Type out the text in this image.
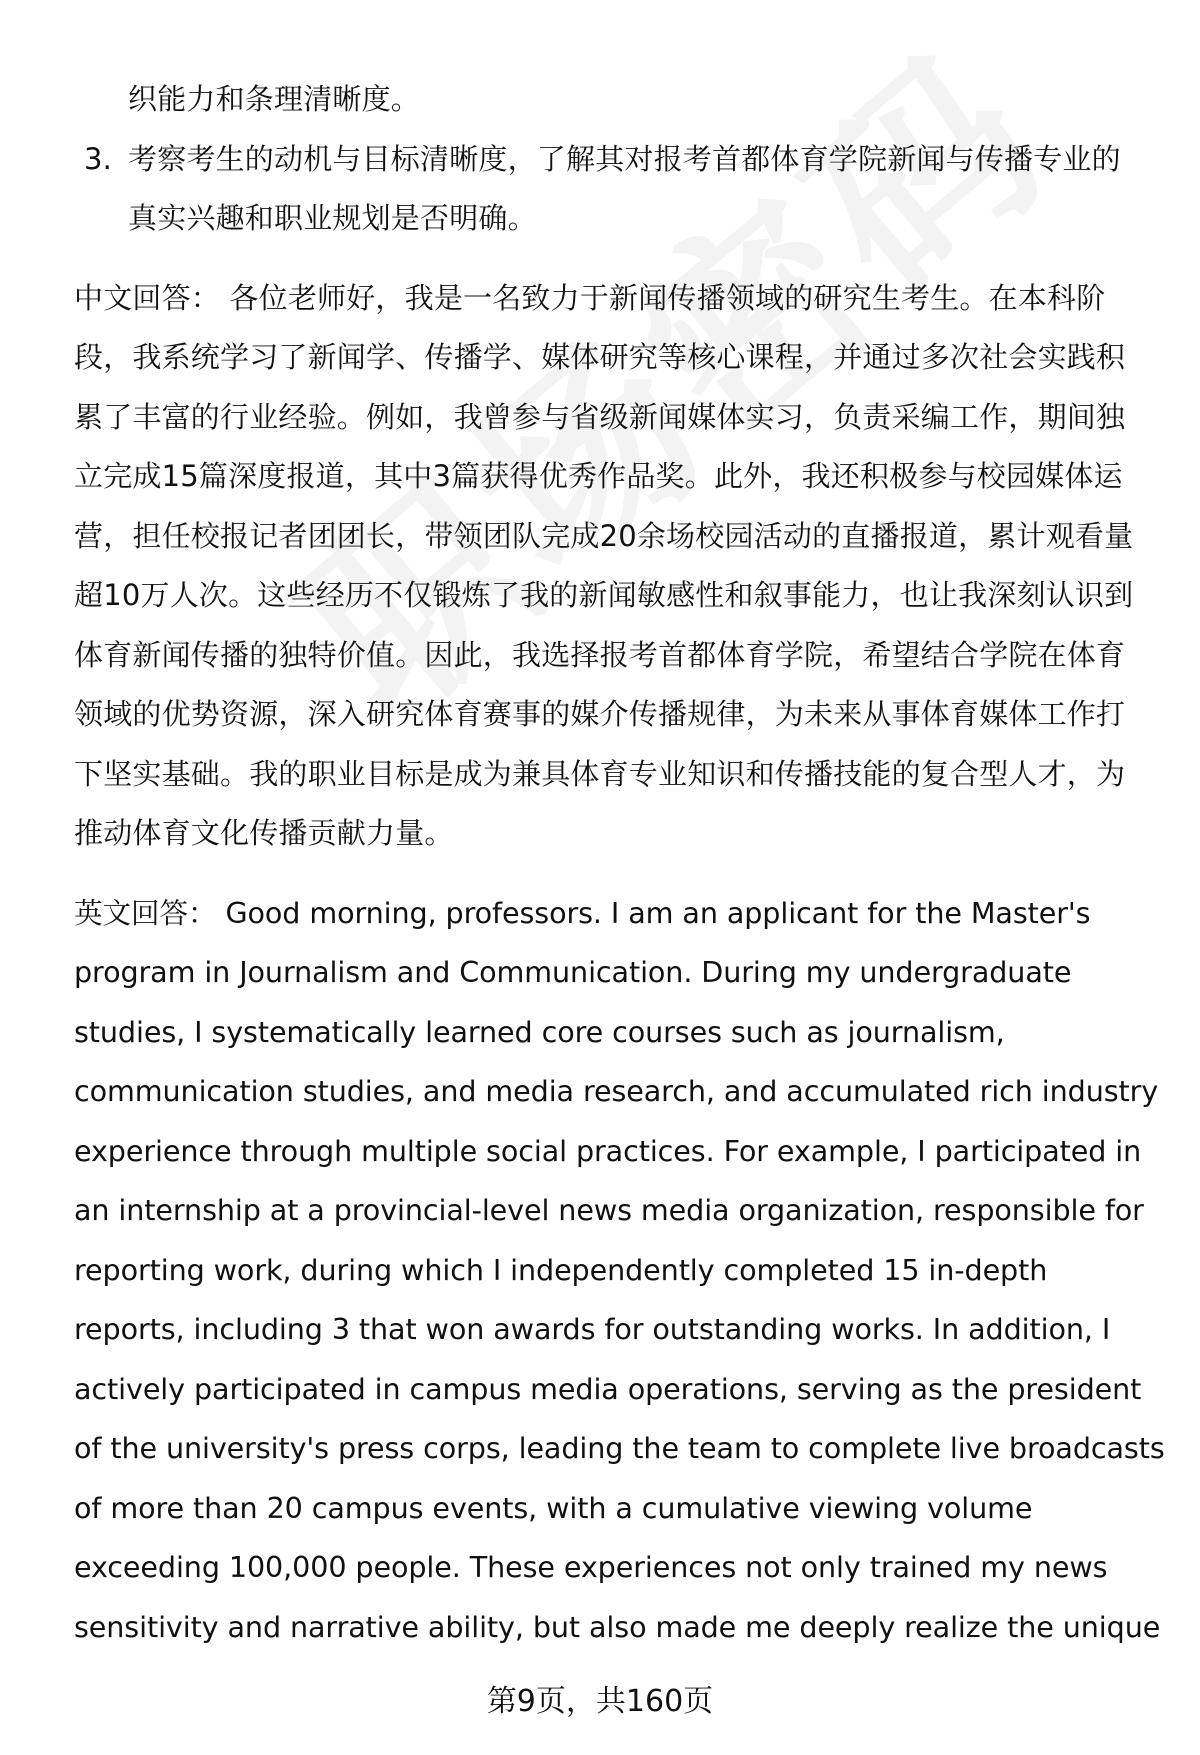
织能力和条理清晰度。
3. 考察考生的动机与目标清晰度，了解其对报考首都体育学院新闻与传播专业的
真实兴趣和职业规划是否明确。
中文回答： 各位老师好，我是一名致力于新闻传播领域的研究生考生。在本科阶
段，我系统学习了新闻学、传播学、媒体研究等核心课程，并通过多次社会实践积
累了丰富的行业经验。例如，我曾参与省级新闻媒体实习，负责采编工作，期间独
立完成15篇深度报道，其中3篇获得优秀作品奖。此外，我还积极参与校园媒体运
营，担任校报记者团团长，带领团队完成20余场校园活动的直播报道，累计观看量
超10万人次。这些经历不仅锻炼了我的新闻敏感性和叙事能力，也让我深刻认识到
体育新闻传播的独特价值。因此，我选择报考首都体育学院，希望结合学院在体育
领域的优势资源，深入研究体育赛事的媒介传播规律，为未来从事体育媒体工作打
下坚实基础。我的职业目标是成为兼具体育专业知识和传播技能的复合型人才，为
推动体育文化传播贡献力量。
英文回答： Good morning, professors. I am an applicant for the Master's
program in Journalism and Communication. During my undergraduate
studies, I systematically learned core courses such as journalism,
communication studies, and media research, and accumulated rich industry
experience through multiple social practices. For example, I participated in
an internship at a provincial-level news media organization, responsible for
reporting work, during which I independently completed 15 in-depth
reports, including 3 that won awards for outstanding works. In addition, I
actively participated in campus media operations, serving as the president
of the university's press corps, leading the team to complete live broadcasts
of more than 20 campus events, with a cumulative viewing volume
exceeding 100,000 people. These experiences not only trained my news
sensitivity and narrative ability, but also made me deeply realize the unique
第9页，共160页
